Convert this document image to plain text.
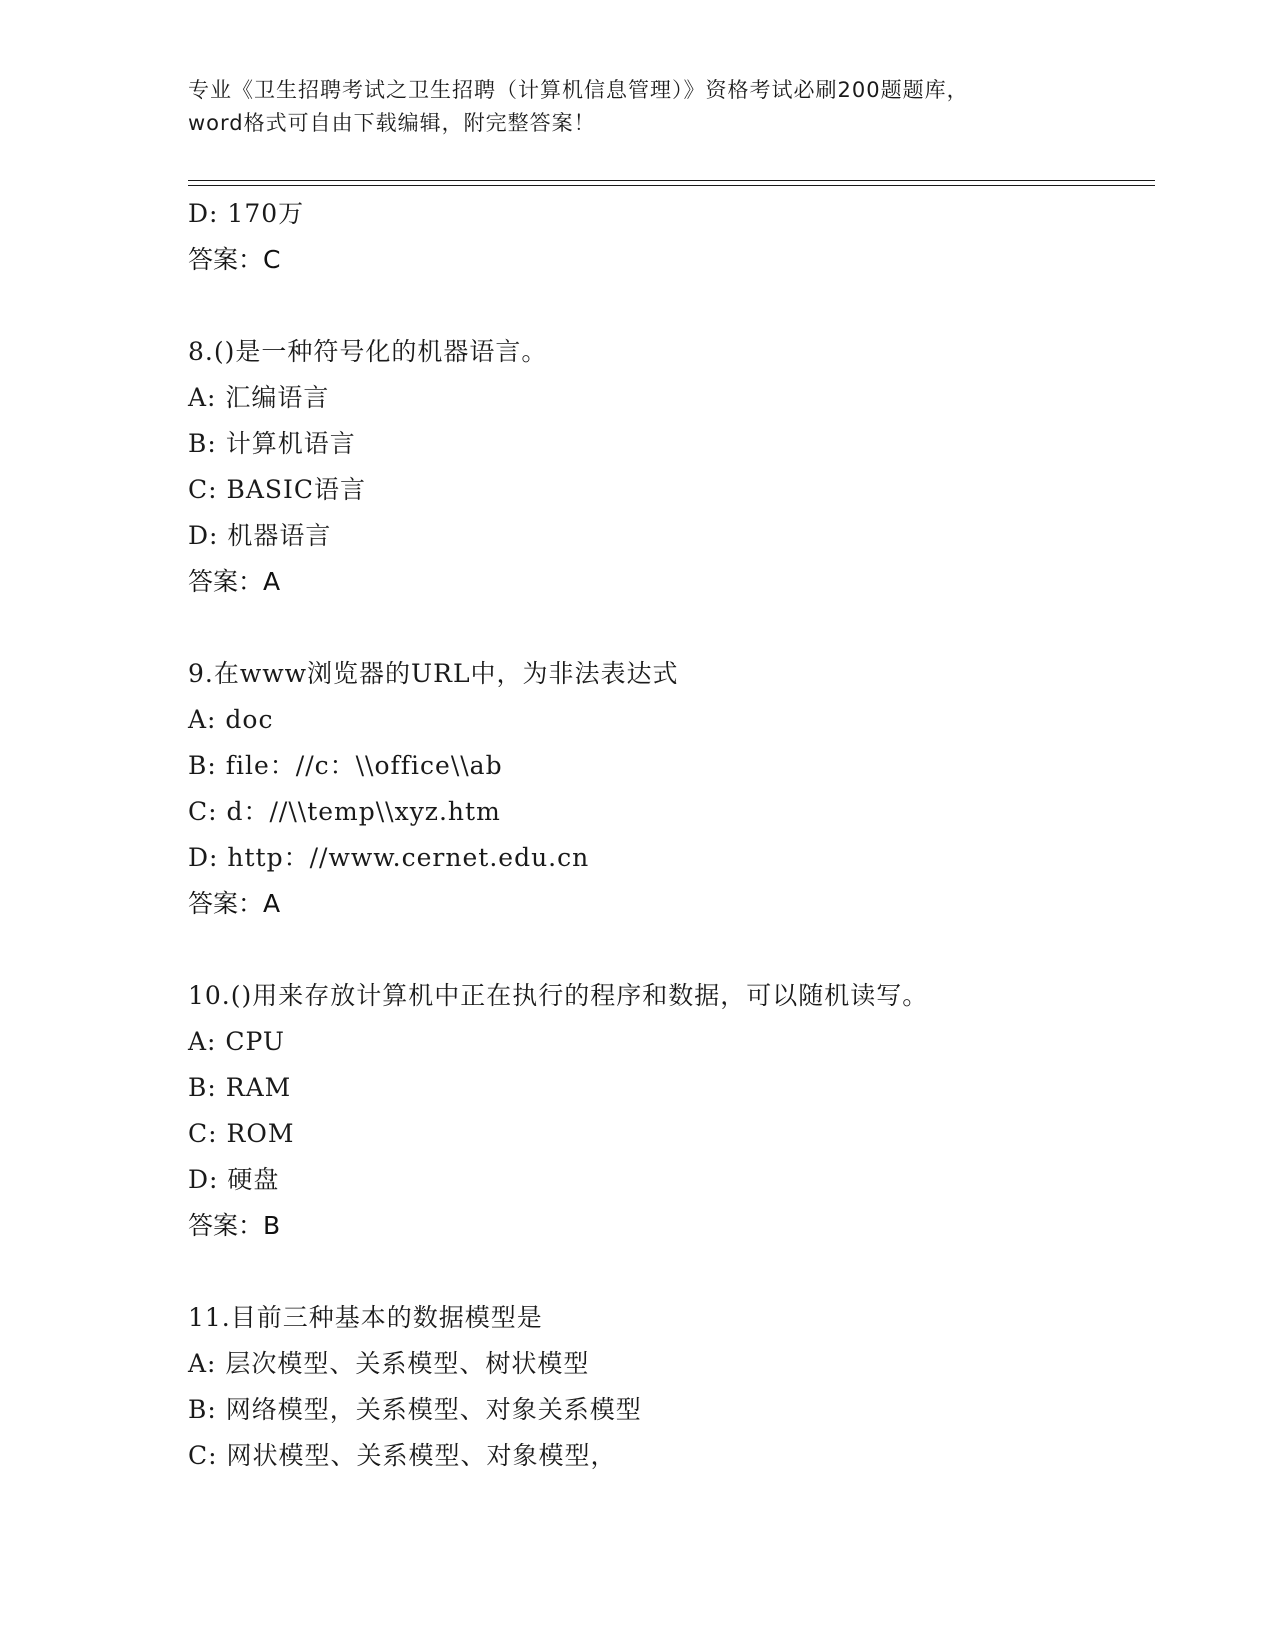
专业《卫生招聘考试之卫生招聘（计算机信息管理）》资格考试必刷200题题库，
word格式可自由下载编辑，附完整答案！
D: 170万
答案：C
8.()是一种符号化的机器语言。
A: 汇编语言
B: 计算机语言
C: BASIC语言
D: 机器语言
答案：A
9.在www浏览器的URL中，为非法表达式
A: doc
B: file：//c：\\office\\ab
C: d：//\\temp\\xyz.htm
D: http：//www.cernet.edu.cn
答案：A
10.()用来存放计算机中正在执行的程序和数据，可以随机读写。
A: CPU
B: RAM
C: ROM
D: 硬盘
答案：B
11.目前三种基本的数据模型是
A: 层次模型、关系模型、树状模型
B: 网络模型，关系模型、对象关系模型
C: 网状模型、关系模型、对象模型，
